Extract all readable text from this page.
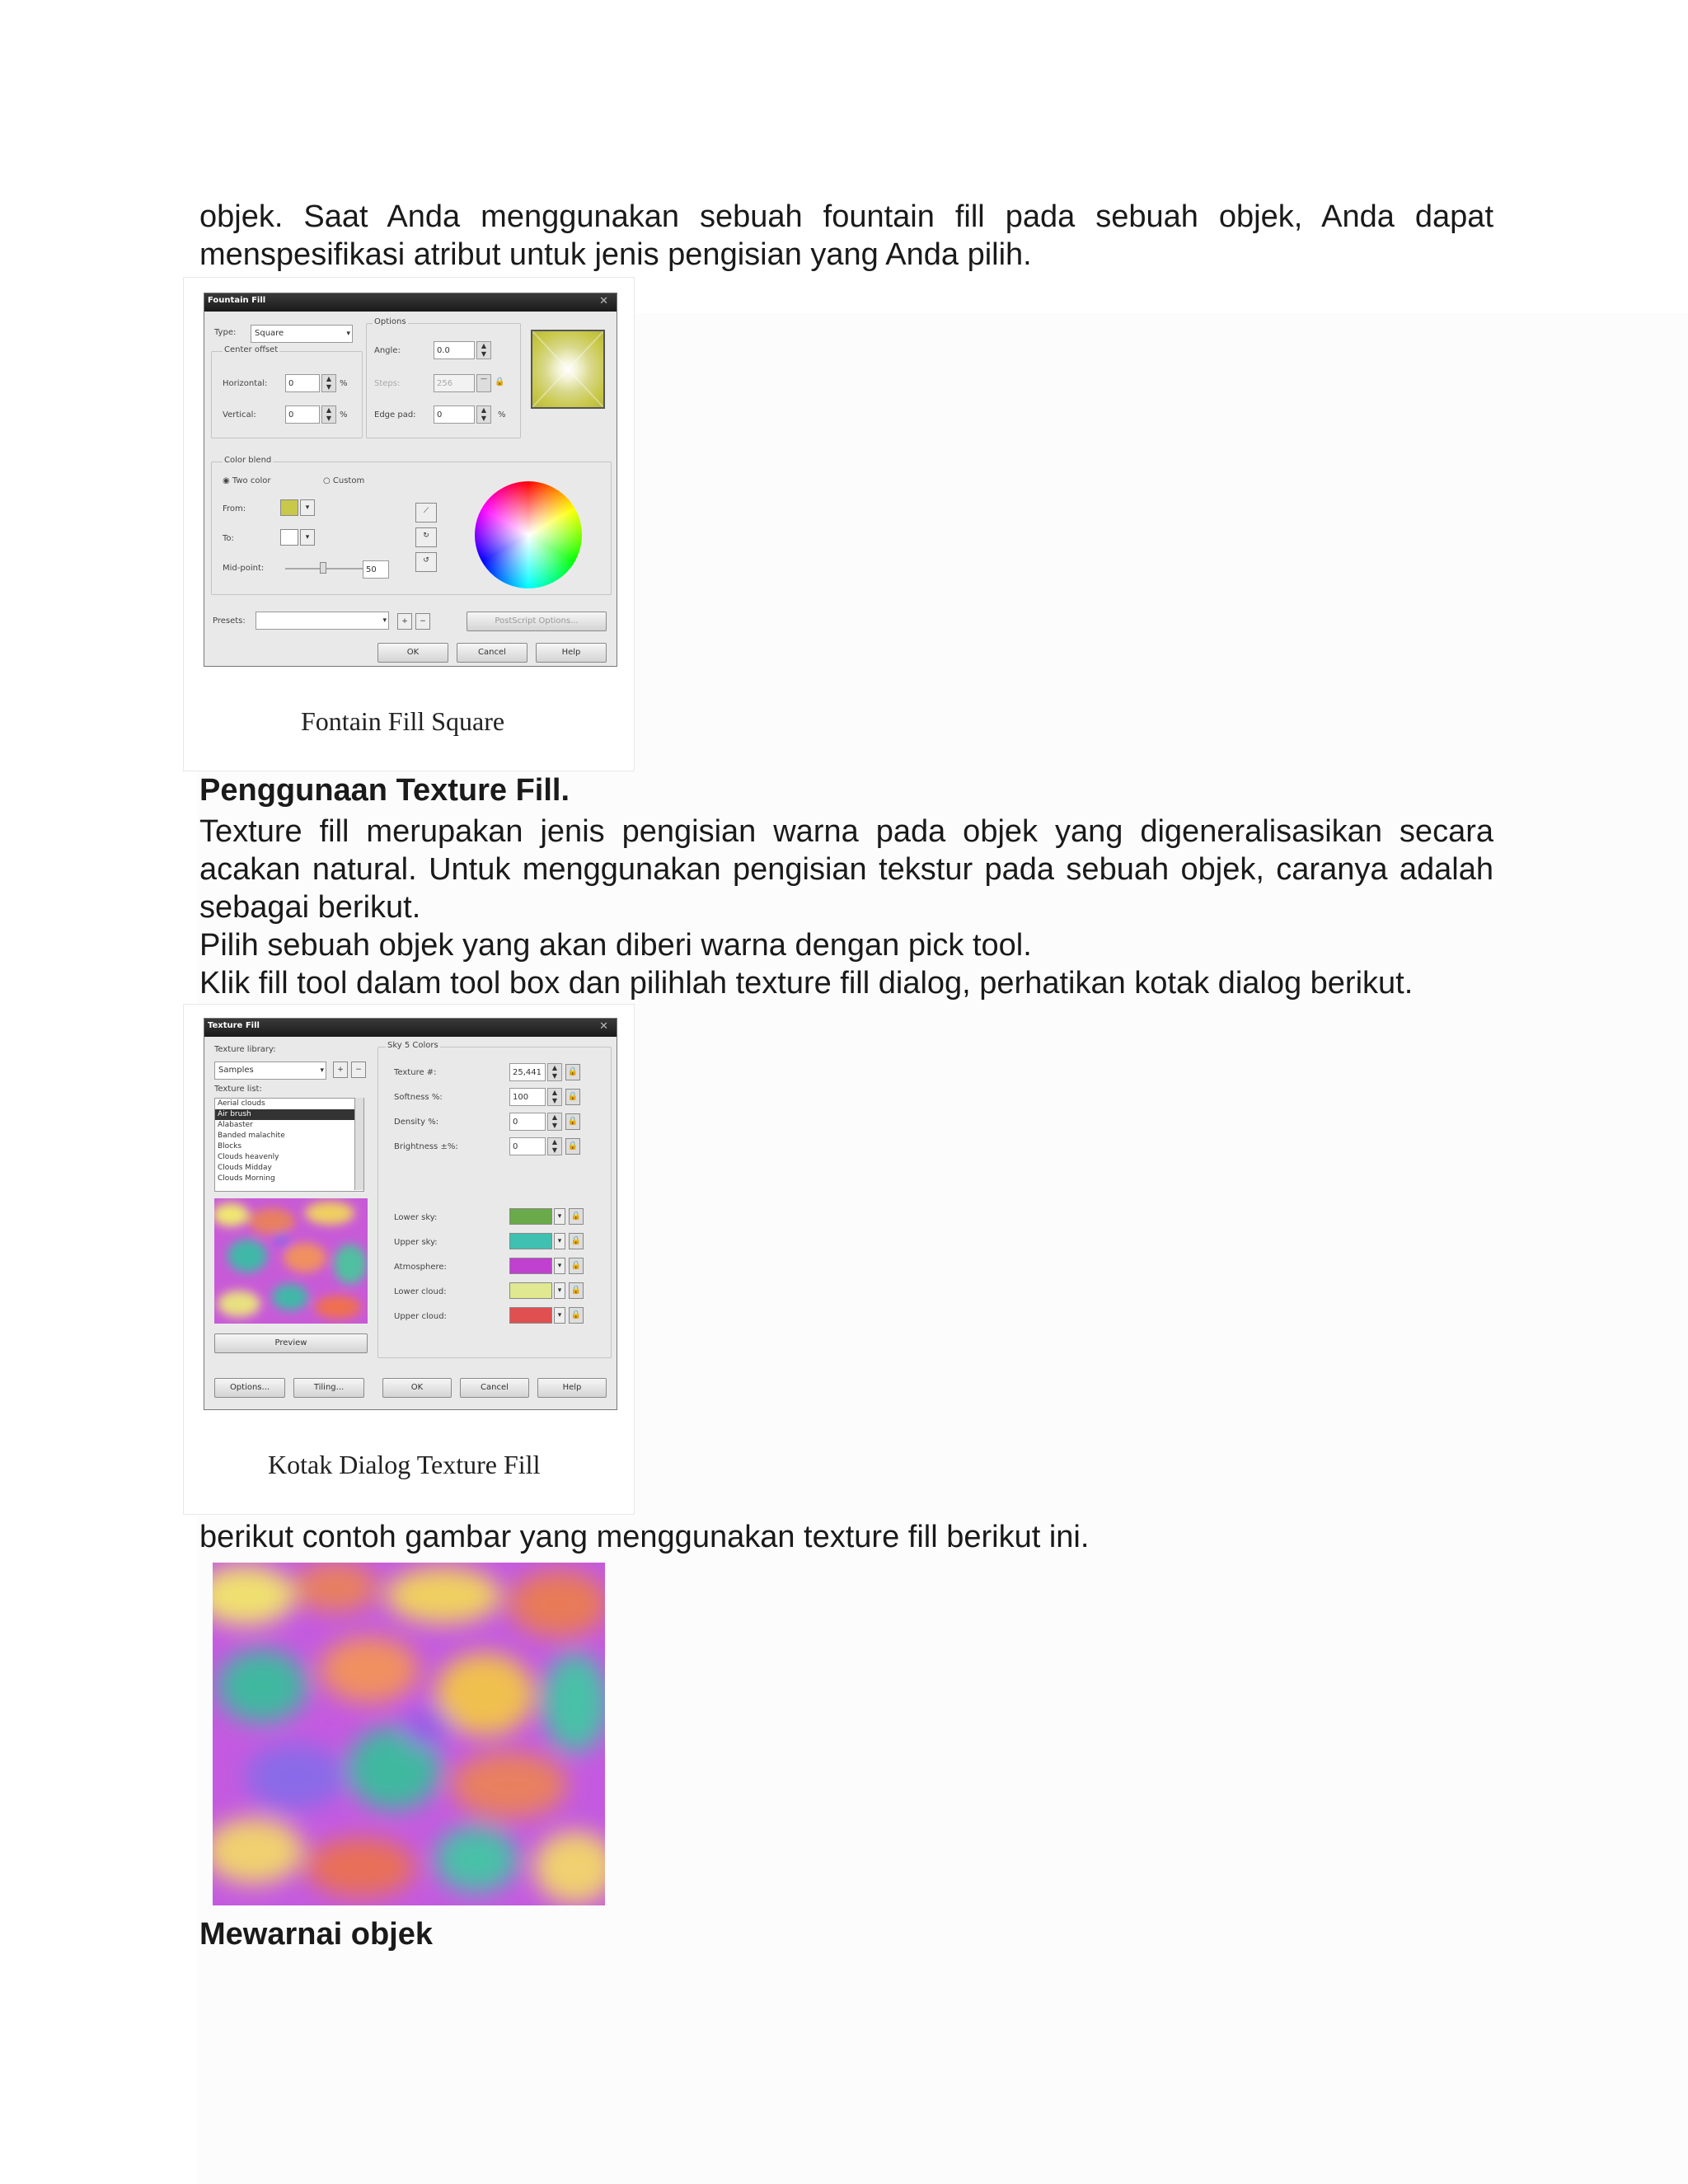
objek. Saat Anda menggunakan sebuah fountain fill pada sebuah objek, Anda dapat menspesifikasi atribut untuk jenis pengisian yang Anda pilih.

Fountain Fill	✕
Type:	Square	▾
Center offset
Horizontal:	0
▲
▼ %
Vertical:	0
▲
▼ %
Options
Angle:	0.0
▲
▼
Steps:	256
— 🔒
Edge pad:	0
▲
▼	%
Color blend
◉ Two color	○ Custom
From:	▾
To:	▾
Mid-point:	50
⟋
↻
↺
Presets:	▾	+	−	PostScript Options...
OK	Cancel	Help
Fontain Fill Square
Penggunaan Texture Fill.

Texture fill merupakan jenis pengisian warna pada objek yang digeneralisasikan secara acakan natural. Untuk menggunakan pengisian tekstur pada sebuah objek, caranya adalah sebagai berikut.

Pilih sebuah objek yang akan diberi warna dengan pick tool.

Klik fill tool dalam tool box dan pilihlah texture fill dialog, perhatikan kotak dialog berikut.

Texture Fill	✕
Texture library:
Samples	▾	+	−
Texture list:
Aerial clouds
Air brush
Alabaster
Banded malachite
Blocks
Clouds heavenly
Clouds Midday
Clouds Morning
Preview
Sky 5 Colors
Texture #:	25,441
▲
▼	🔒
Softness %:	100
▲
▼	🔒
Density %:	0
▲
▼	🔒
Brightness ±%:	0
▲
▼	🔒
Lower sky:	▾	🔒
Upper sky:	▾	🔒
Atmosphere:	▾	🔒
Lower cloud:	▾	🔒
Upper cloud:	▾	🔒
Options...	Tiling...	OK	Cancel	Help
Kotak Dialog Texture Fill

berikut contoh gambar yang menggunakan texture fill berikut ini.

Mewarnai objek
